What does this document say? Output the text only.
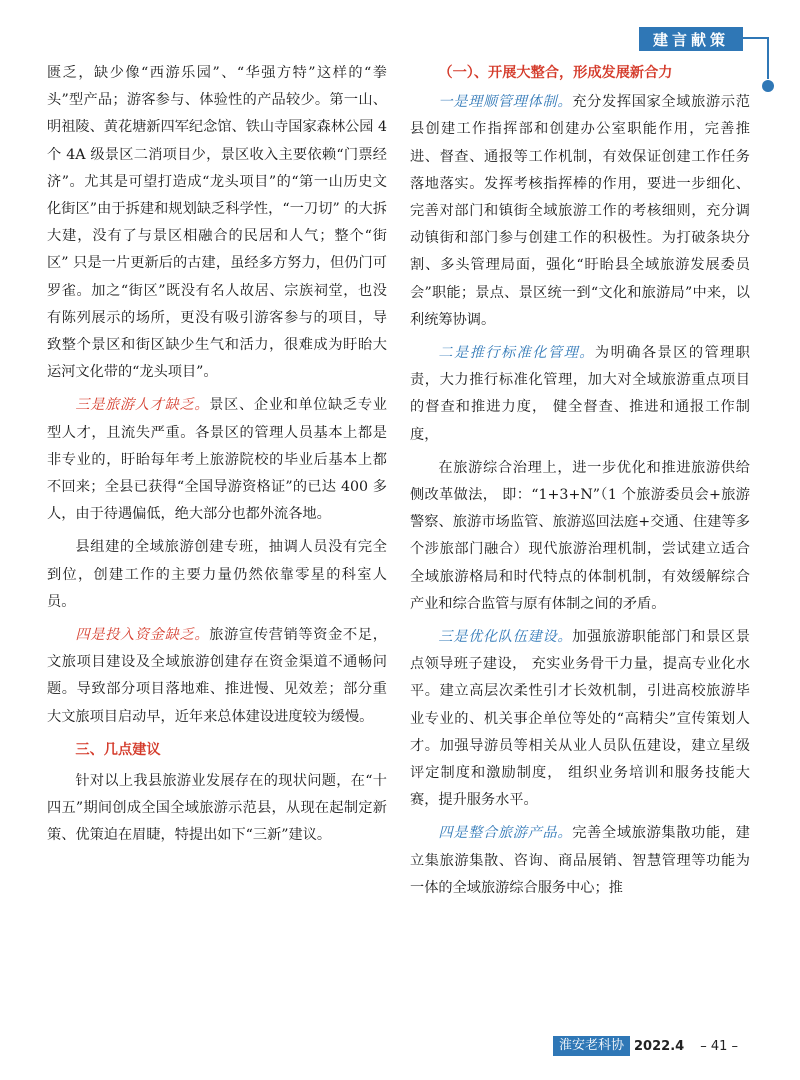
建言献策

匮乏，缺少像“西游乐园”、“华强方特”这样的“拳头”型产品；游客参与、体验性的产品较少。第一山、明祖陵、黄花塘新四军纪念馆、铁山寺国家森林公园 4 个 4A 级景区二消项目少，景区收入主要依赖“门票经济”。尤其是可望打造成“龙头项目”的“第一山历史文化街区”由于拆建和规划缺乏科学性，“一刀切” 的大拆大建，没有了与景区相融合的民居和人气；整个“街区” 只是一片更新后的古建，虽经多方努力，但仍门可罗雀。加之“街区”既没有名人故居、宗族祠堂，也没有陈列展示的场所，更没有吸引游客参与的项目，导致整个景区和街区缺少生气和活力，很难成为盱眙大运河文化带的“龙头项目”。

三是旅游人才缺乏。景区、企业和单位缺乏专业型人才，且流失严重。各景区的管理人员基本上都是非专业的，盱眙每年考上旅游院校的毕业后基本上都不回来；全县已获得“全国导游资格证”的已达 400 多人，由于待遇偏低，绝大部分也都外流各地。

县组建的全域旅游创建专班，抽调人员没有完全到位，创建工作的主要力量仍然依靠零星的科室人员。

四是投入资金缺乏。旅游宣传营销等资金不足，文旅项目建设及全域旅游创建存在资金渠道不通畅问题。导致部分项目落地难、推进慢、见效差；部分重大文旅项目启动早，近年来总体建设进度较为缓慢。

三、几点建议

针对以上我县旅游业发展存在的现状问题，在“十四五”期间创成全国全域旅游示范县，从现在起制定新策、优策迫在眉睫，特提出如下“三新”建议。

（一）、开展大整合，形成发展新合力

一是理顺管理体制。充分发挥国家全域旅游示范县创建工作指挥部和创建办公室职能作用，完善推进、督查、通报等工作机制，有效保证创建工作任务落地落实。发挥考核指挥棒的作用，要进一步细化、完善对部门和镇街全域旅游工作的考核细则，充分调动镇街和部门参与创建工作的积极性。为打破条块分割、多头管理局面，强化“盱眙县全域旅游发展委员会”职能；景点、景区统一到“文化和旅游局”中来，以利统筹协调。

二是推行标准化管理。为明确各景区的管理职责，大力推行标准化管理，加大对全域旅游重点项目的督查和推进力度， 健全督查、推进和通报工作制度，

在旅游综合治理上，进一步优化和推进旅游供给侧改革做法， 即：“1+3+N”（1 个旅游委员会+旅游警察、旅游市场监管、旅游巡回法庭+交通、住建等多个涉旅部门融合）现代旅游治理机制，尝试建立适合全域旅游格局和时代特点的体制机制，有效缓解综合产业和综合监管与原有体制之间的矛盾。

三是优化队伍建设。加强旅游职能部门和景区景点领导班子建设， 充实业务骨干力量，提高专业化水平。建立高层次柔性引才长效机制，引进高校旅游毕业专业的、机关事企单位等处的“高精尖”宣传策划人才。加强导游员等相关从业人员队伍建设，建立星级评定制度和激励制度， 组织业务培训和服务技能大赛，提升服务水平。

四是整合旅游产品。完善全域旅游集散功能，建立集旅游集散、咨询、商品展销、智慧管理等功能为一体的全域旅游综合服务中心；推

淮安老科协 2022.4 – 41 –
